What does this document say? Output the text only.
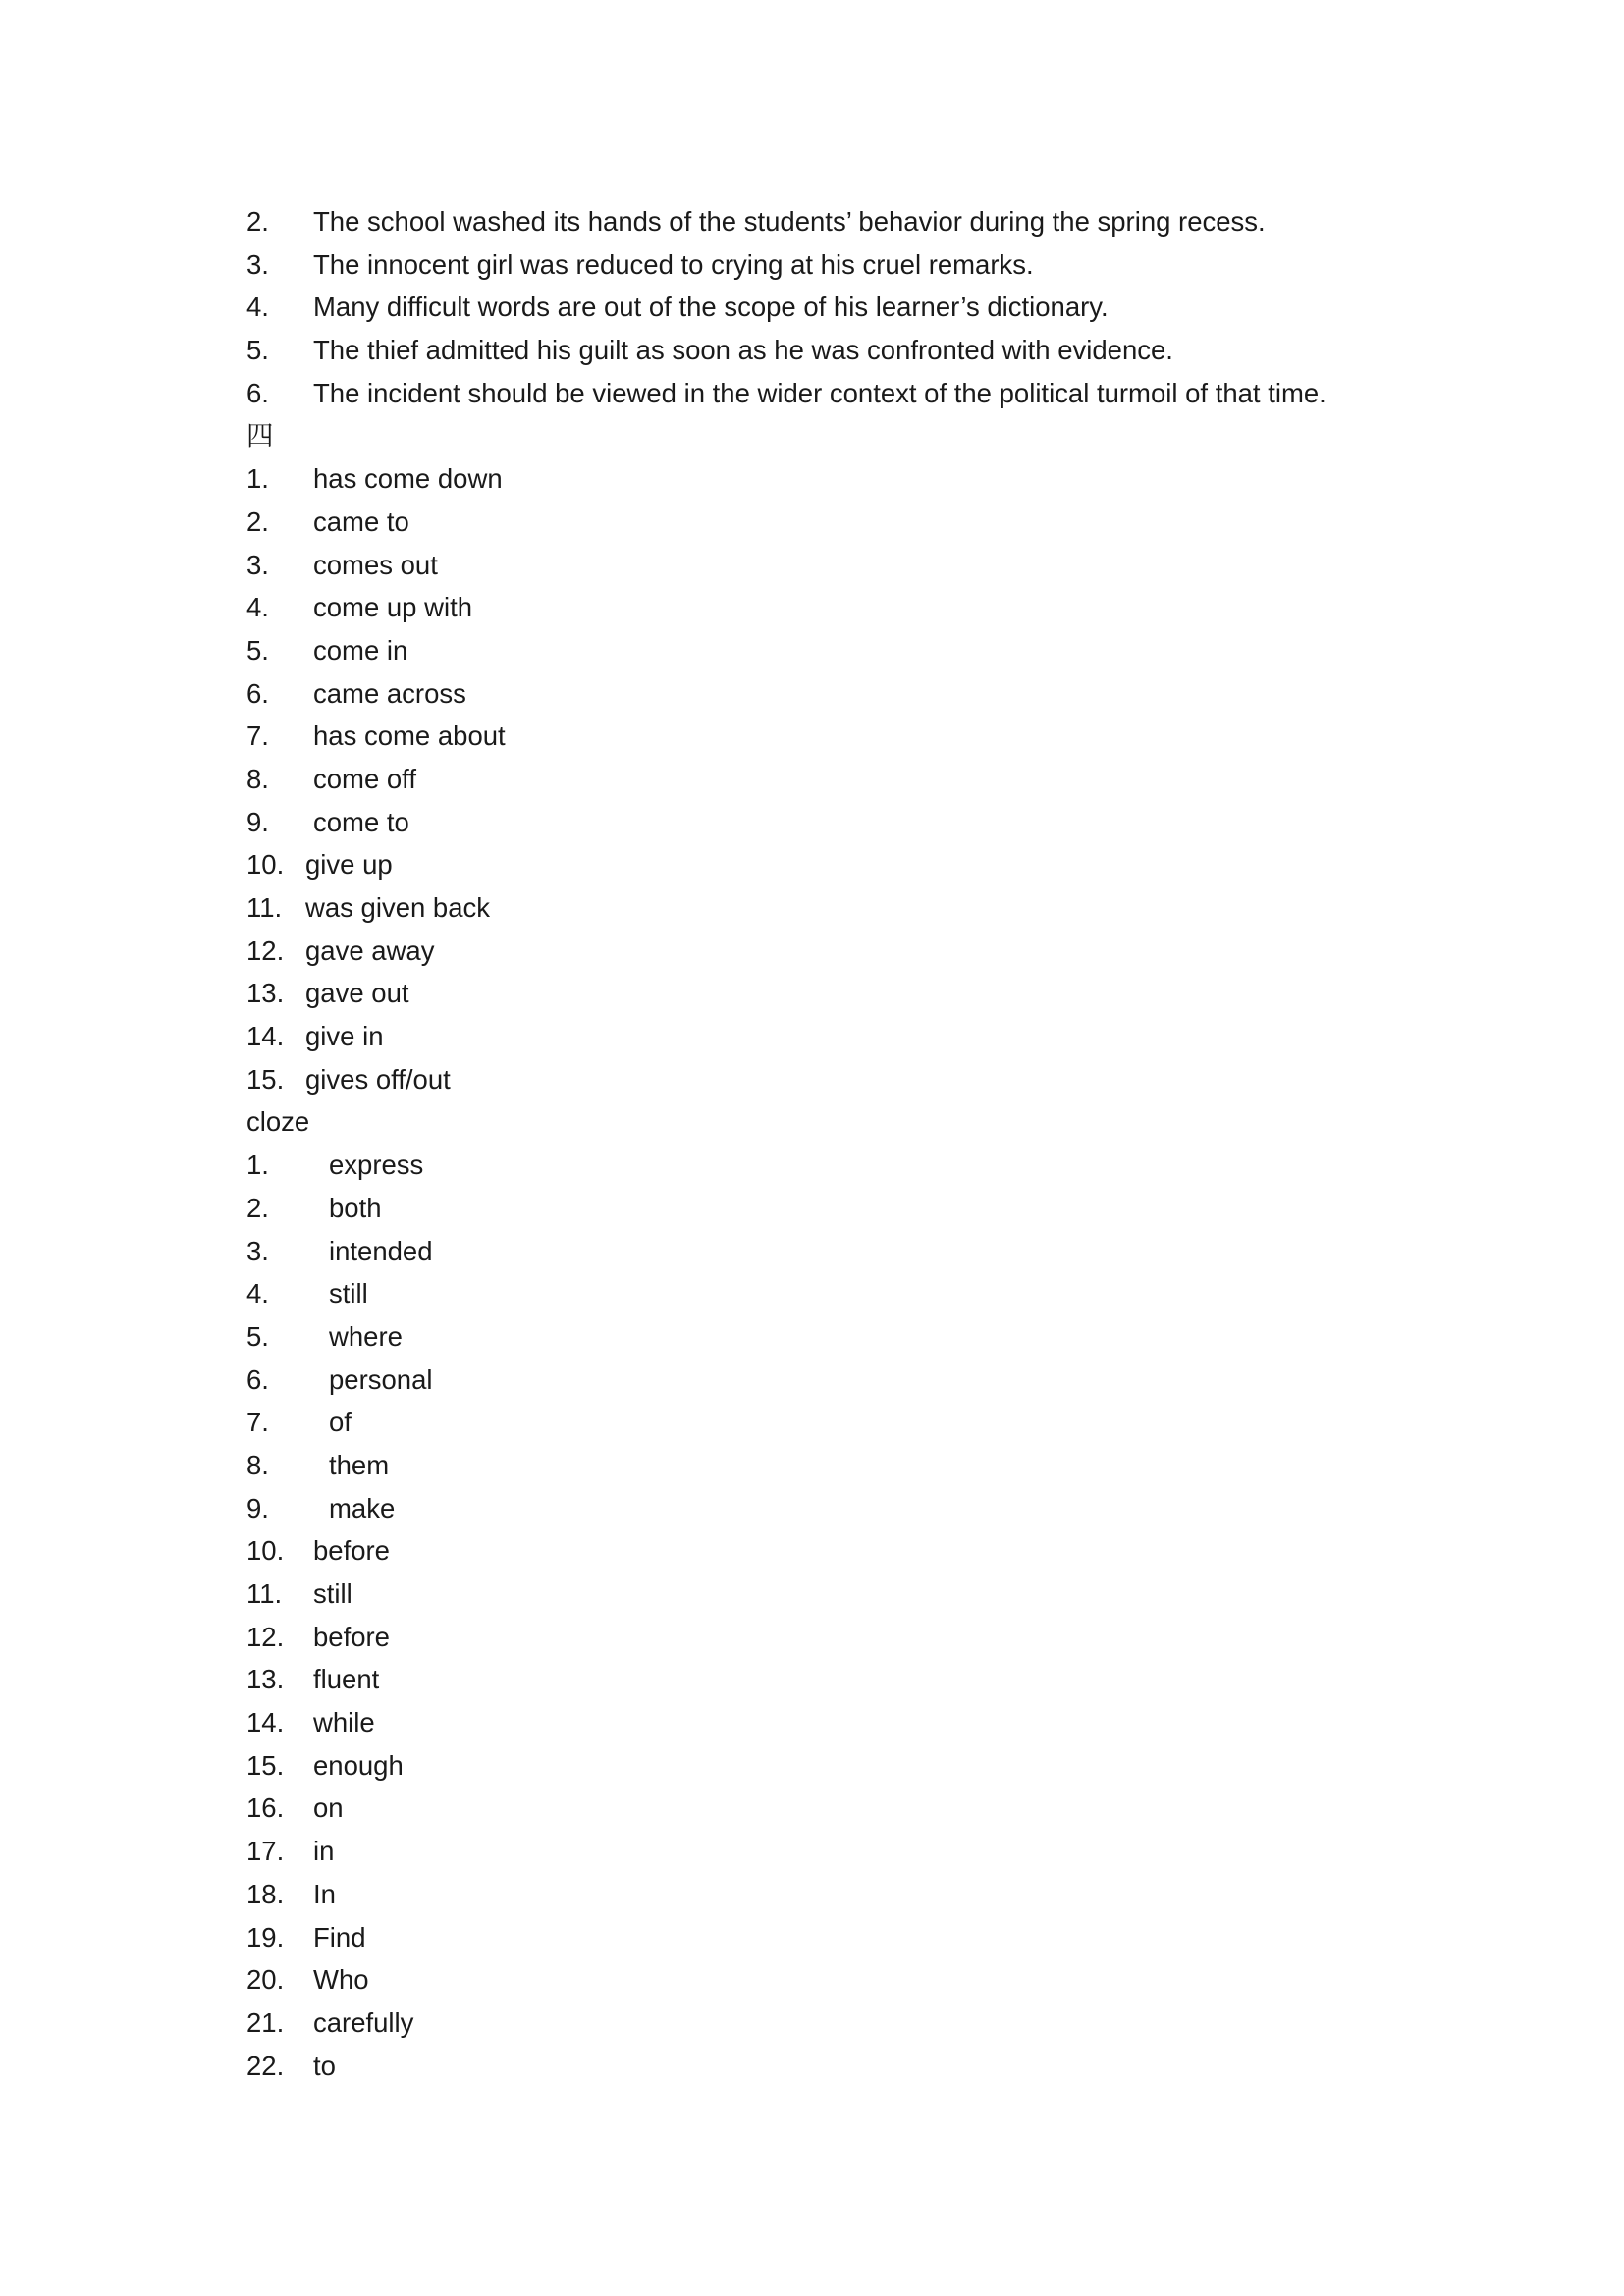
2. The school washed its hands of the students’ behavior during the spring recess.
3. The innocent girl was reduced to crying at his cruel remarks.
4. Many difficult words are out of the scope of his learner’s dictionary.
5. The thief admitted his guilt as soon as he was confronted with evidence.
6. The incident should be viewed in the wider context of the political turmoil of that time.
四
1. has come down
2. came to
3. comes out
4. come up with
5. come in
6. came across
7. has come about
8. come off
9. come to
10. give up
11. was given back
12. gave away
13. gave out
14. give in
15. gives off/out
cloze
1. express
2. both
3. intended
4. still
5. where
6. personal
7. of
8. them
9. make
10. before
11. still
12. before
13. fluent
14. while
15. enough
16. on
17. in
18. In
19. Find
20. Who
21. carefully
22. to
